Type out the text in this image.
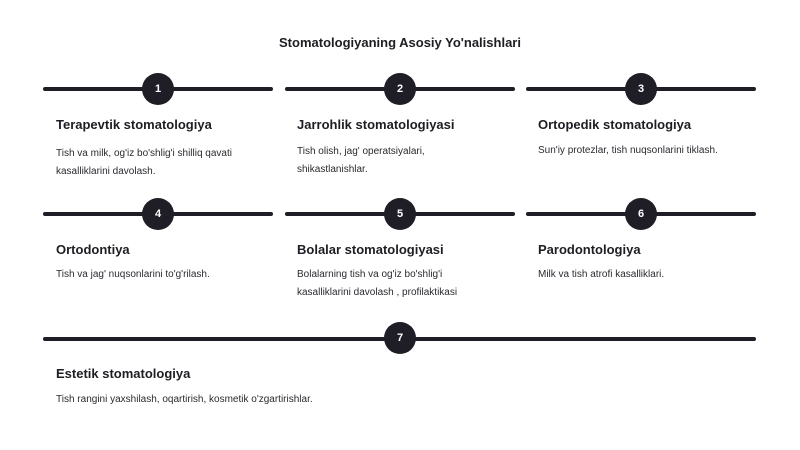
Stomatologiyaning Asosiy Yo'nalishlari
1
Terapevtik stomatologiya
Tish va milk, og'iz bo'shlig'i shilliq qavati
kasalliklarini davolash.
2
Jarrohlik stomatologiyasi
Tish olish, jag' operatsiyalari,
shikastlanishlar.
3
Ortopedik stomatologiya
Sun'iy protezlar, tish nuqsonlarini tiklash.
4
Ortodontiya
Tish va jag' nuqsonlarini to'g'rilash.
5
Bolalar stomatologiyasi
Bolalarning tish va og'iz bo'shlig'i
kasalliklarini davolash , profilaktikasi
6
Parodontologiya
Milk va tish atrofi kasalliklari.
7
Estetik stomatologiya
Tish rangini yaxshilash, oqartirish, kosmetik o'zgartirishlar.
